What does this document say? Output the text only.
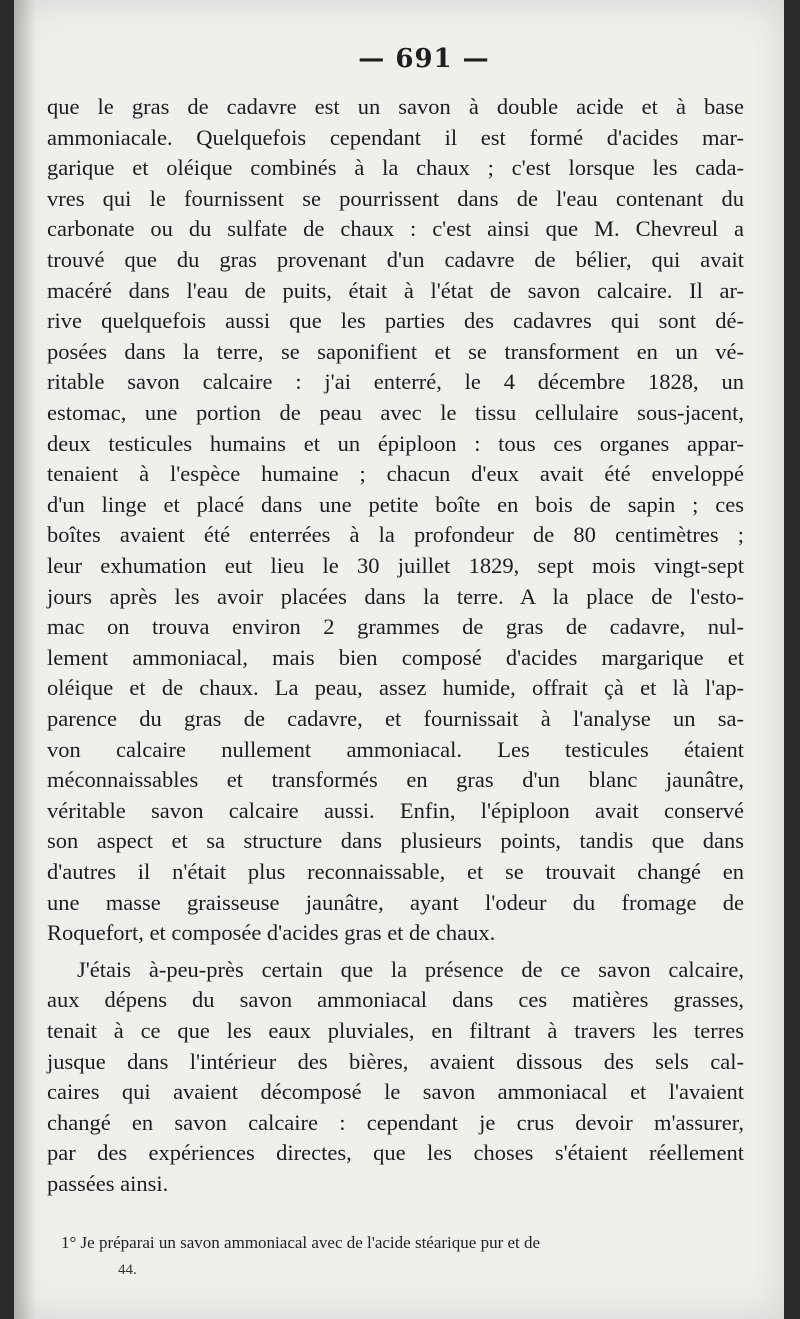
— 691 —
que le gras de cadavre est un savon à double acide et à base
ammoniacale. Quelquefois cependant il est formé d'acides mar-
garique et oléique combinés à la chaux ; c'est lorsque les cada-
vres qui le fournissent se pourrissent dans de l'eau contenant du
carbonate ou du sulfate de chaux : c'est ainsi que M. Chevreul a
trouvé que du gras provenant d'un cadavre de bélier, qui avait
macéré dans l'eau de puits, était à l'état de savon calcaire. Il ar-
rive quelquefois aussi que les parties des cadavres qui sont dé-
posées dans la terre, se saponifient et se transforment en un vé-
ritable savon calcaire : j'ai enterré, le 4 décembre 1828, un
estomac, une portion de peau avec le tissu cellulaire sous-jacent,
deux testicules humains et un épiploon : tous ces organes appar-
tenaient à l'espèce humaine ; chacun d'eux avait été enveloppé
d'un linge et placé dans une petite boîte en bois de sapin ; ces
boîtes avaient été enterrées à la profondeur de 80 centimètres ;
leur exhumation eut lieu le 30 juillet 1829, sept mois vingt-sept
jours après les avoir placées dans la terre. A la place de l'esto-
mac on trouva environ 2 grammes de gras de cadavre, nul-
lement ammoniacal, mais bien composé d'acides margarique et
oléique et de chaux. La peau, assez humide, offrait çà et là l'ap-
parence du gras de cadavre, et fournissait à l'analyse un sa-
von calcaire nullement ammoniacal. Les testicules étaient
méconnaissables et transformés en gras d'un blanc jaunâtre,
véritable savon calcaire aussi. Enfin, l'épiploon avait conservé
son aspect et sa structure dans plusieurs points, tandis que dans
d'autres il n'était plus reconnaissable, et se trouvait changé en
une masse graisseuse jaunâtre, ayant l'odeur du fromage de
Roquefort, et composée d'acides gras et de chaux.
J'étais à-peu-près certain que la présence de ce savon calcaire,
aux dépens du savon ammoniacal dans ces matières grasses,
tenait à ce que les eaux pluviales, en filtrant à travers les terres
jusque dans l'intérieur des bières, avaient dissous des sels cal-
caires qui avaient décomposé le savon ammoniacal et l'avaient
changé en savon calcaire : cependant je crus devoir m'assurer,
par des expériences directes, que les choses s'étaient réellement
passées ainsi.
1° Je préparai un savon ammoniacal avec de l'acide stéarique pur et de
44.
